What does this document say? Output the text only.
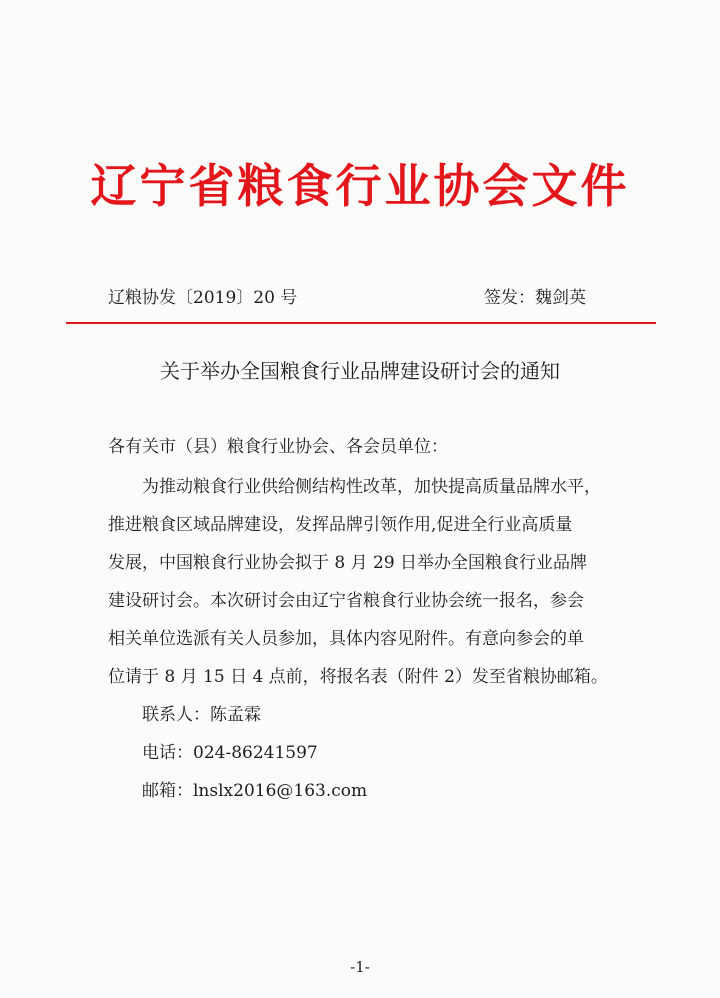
辽宁省粮食行业协会文件
辽粮协发〔2019〕20 号	签发：魏剑英
关于举办全国粮食行业品牌建设研讨会的通知
各有关市（县）粮食行业协会、各会员单位：
为推动粮食行业供给侧结构性改革，加快提高质量品牌水平，
推进粮食区域品牌建设，发挥品牌引领作用,促进全行业高质量
发展，中国粮食行业协会拟于 8 月 29 日举办全国粮食行业品牌
建设研讨会。本次研讨会由辽宁省粮食行业协会统一报名，参会
相关单位选派有关人员参加，具体内容见附件。有意向参会的单
位请于 8 月 15 日 4 点前，将报名表（附件 2）发至省粮协邮箱。
联系人：陈孟霖
电话：024-86241597
邮箱：lnslx2016@163.com
-1-
